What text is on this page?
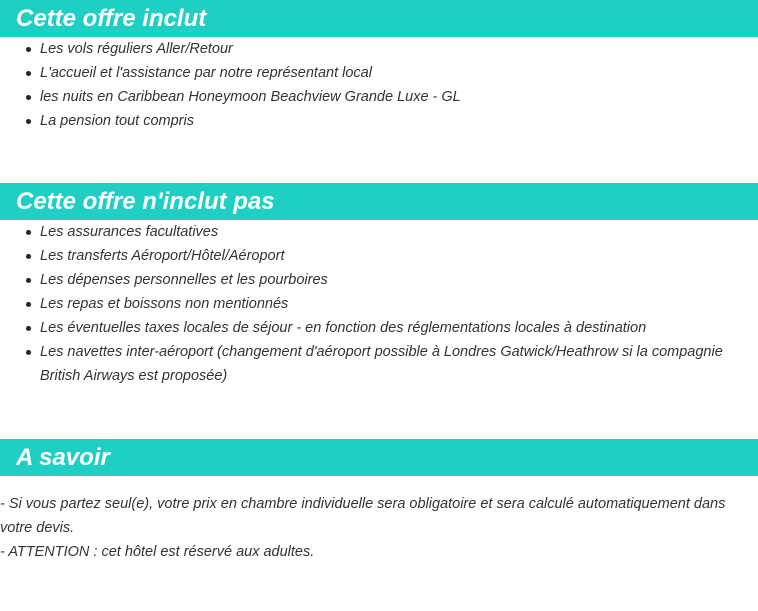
Cette offre inclut
Les vols réguliers Aller/Retour
L'accueil et l'assistance par notre représentant local
les nuits en Caribbean Honeymoon Beachview Grande Luxe - GL
La pension tout compris
Cette offre n'inclut pas
Les assurances facultatives
Les transferts Aéroport/Hôtel/Aéroport
Les dépenses personnelles et les pourboires
Les repas et boissons non mentionnés
Les éventuelles taxes locales de séjour - en fonction des réglementations locales à destination
Les navettes inter-aéroport (changement d'aéroport possible à Londres Gatwick/Heathrow si la compagnie British Airways est proposée)
A savoir

- Si vous partez seul(e), votre prix en chambre individuelle sera obligatoire et sera calculé automatiquement dans votre devis.

- ATTENTION : cet hôtel est réservé aux adultes.
